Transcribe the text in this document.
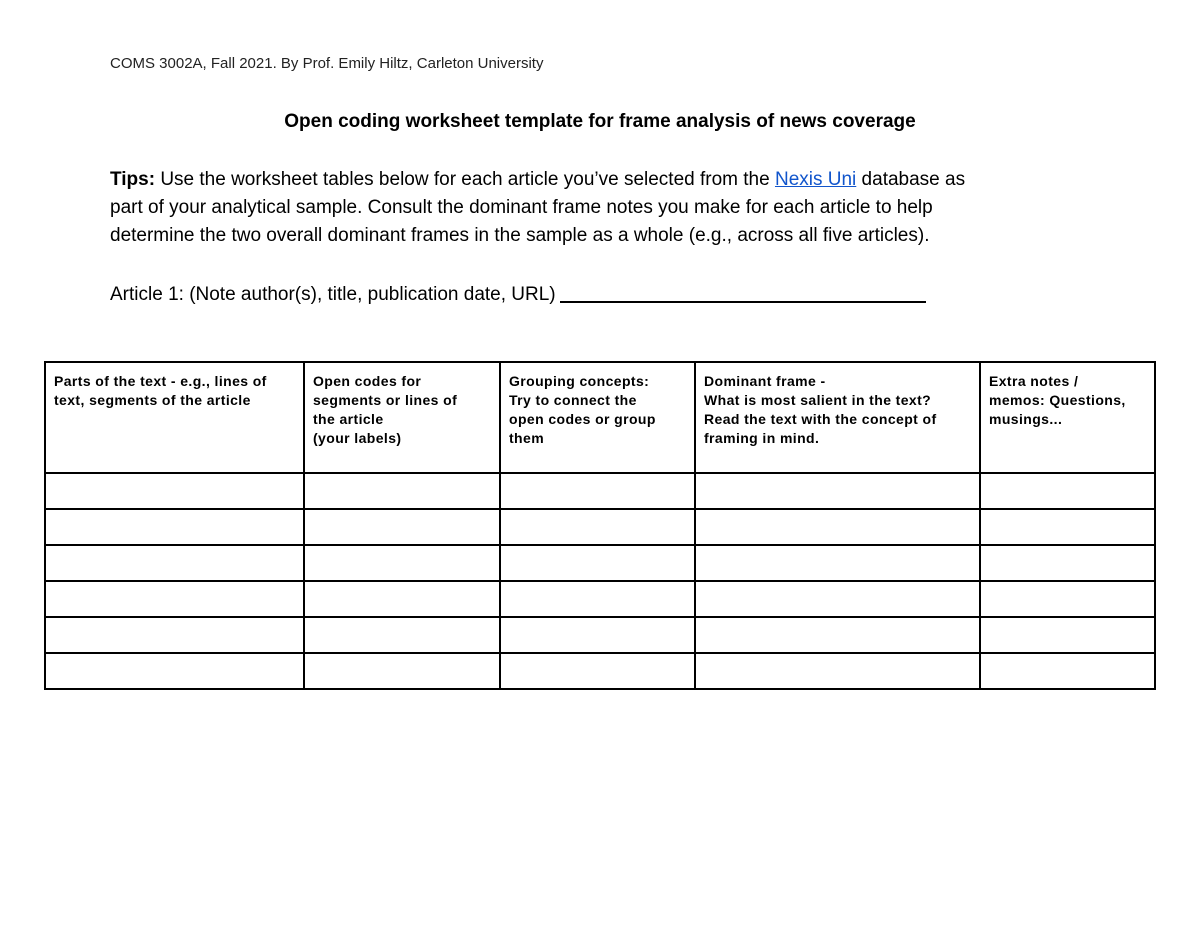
COMS 3002A, Fall 2021. By Prof. Emily Hiltz, Carleton University
Open coding worksheet template for frame analysis of news coverage
Tips: Use the worksheet tables below for each article you’ve selected from the Nexis Uni database as
part of your analytical sample. Consult the dominant frame notes you make for each article to help
determine the two overall dominant frames in the sample as a whole (e.g., across all five articles).
Article 1: (Note author(s), title, publication date, URL)
Parts of the text - e.g., lines of
text, segments of the article	Open codes for
segments or lines of
the article
(your labels)	Grouping concepts:
Try to connect the
open codes or group
them	Dominant frame -
What is most salient in the text?
Read the text with the concept of
framing in mind.	Extra notes /
memos: Questions,
musings...
